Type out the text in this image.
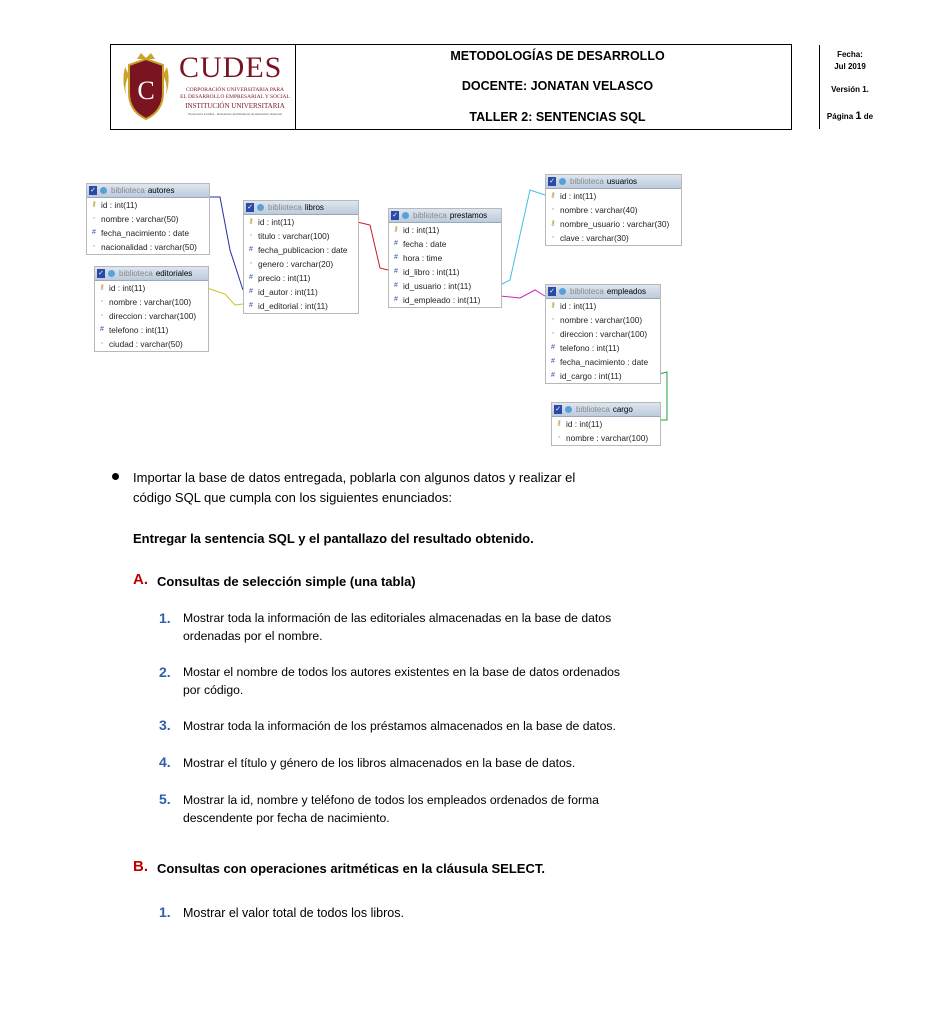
C
CUDES
CORPORACIÓN UNIVERSITARIA PARA
EL DESARROLLO EMPRESARIAL Y SOCIAL
INSTITUCIÓN UNIVERSITARIA
Personería Jurídica · Resolución del Ministerio de Educación Nacional
METODOLOGÍAS DE DESARROLLO
DOCENTE: JONATAN VELASCO
TALLER 2: SENTENCIAS SQL
Fecha:
Jul 2019
Versión 1.
Página 1 de
✓ biblioteca autores
⚷ id : int(11)
◦ nombre : varchar(50)
# fecha_nacimiento : date
◦ nacionalidad : varchar(50)
✓ biblioteca editoriales
⚷ id : int(11)
◦ nombre : varchar(100)
◦ direccion : varchar(100)
# telefono : int(11)
◦ ciudad : varchar(50)
✓ biblioteca libros
⚷ id : int(11)
◦ titulo : varchar(100)
# fecha_publicacion : date
◦ genero : varchar(20)
# precio : int(11)
# id_autor : int(11)
# id_editorial : int(11)
✓ biblioteca prestamos
⚷ id : int(11)
# fecha : date
# hora : time
# id_libro : int(11)
# id_usuario : int(11)
# id_empleado : int(11)
✓ biblioteca usuarios
⚷ id : int(11)
◦ nombre : varchar(40)
⚷ nombre_usuario : varchar(30)
◦ clave : varchar(30)
✓ biblioteca empleados
⚷ id : int(11)
◦ nombre : varchar(100)
◦ direccion : varchar(100)
# telefono : int(11)
# fecha_nacimiento : date
# id_cargo : int(11)
✓ biblioteca cargo
⚷ id : int(11)
◦ nombre : varchar(100)
Importar la base de datos entregada, poblarla con algunos datos y realizar el
código SQL que cumpla con los siguientes enunciados:
Entregar la sentencia SQL y el pantallazo del resultado obtenido.
A. Consultas de selección simple (una tabla)
1. Mostrar toda la información de las editoriales almacenadas en la base de datos
ordenadas por el nombre.
2. Mostar el nombre de todos los autores existentes en la base de datos ordenados
por código.
3. Mostrar toda la información de los préstamos almacenados en la base de datos.
4. Mostrar el título y género de los libros almacenados en la base de datos.
5. Mostrar la id, nombre y teléfono de todos los empleados ordenados de forma
descendente por fecha de nacimiento.
B. Consultas con operaciones aritméticas en la cláusula SELECT.
1. Mostrar el valor total de todos los libros.
